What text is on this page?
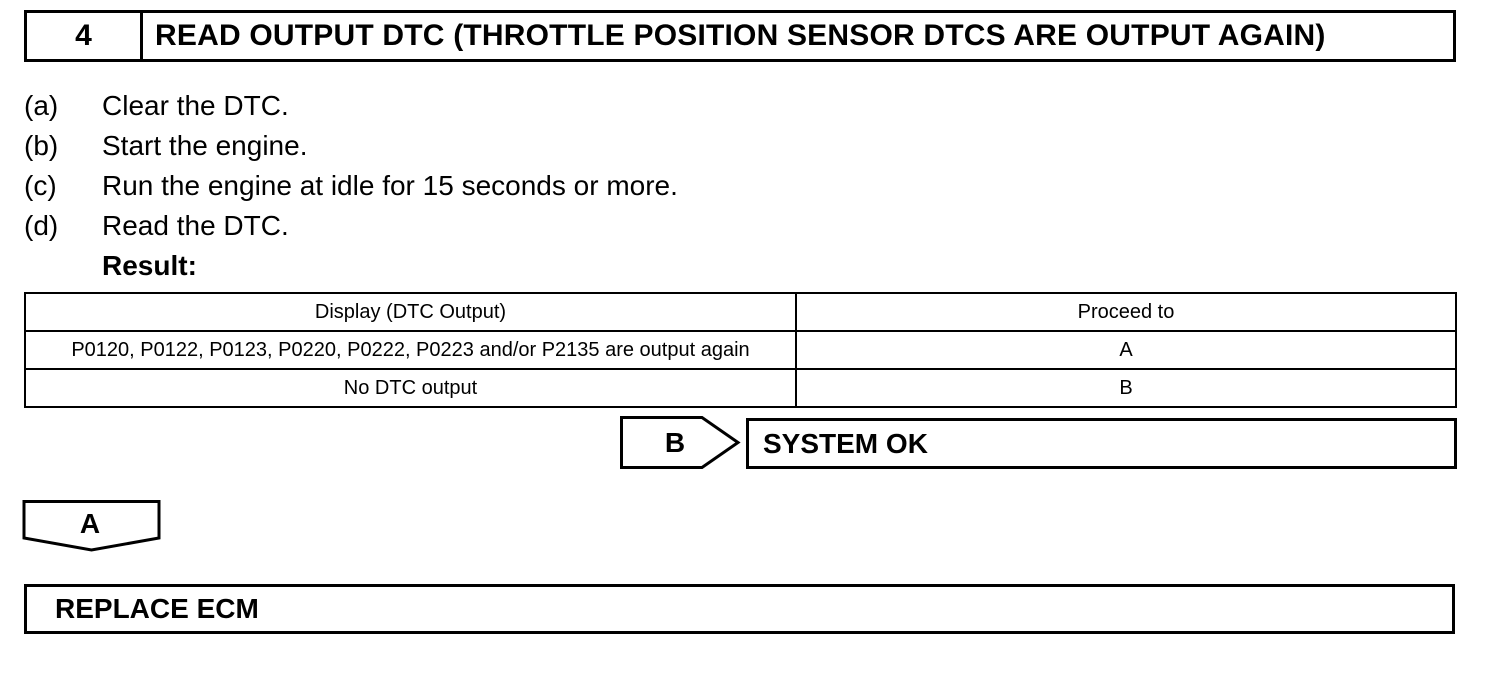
4	READ OUTPUT DTC (THROTTLE POSITION SENSOR DTCS ARE OUTPUT AGAIN)
(a)	Clear the DTC.
(b)	Start the engine.
(c)	Run the engine at idle for 15 seconds or more.
(d)	Read the DTC.
Result:
Display (DTC Output)	Proceed to
P0120, P0122, P0123, P0220, P0222, P0223 and/or P2135 are output again	A
No DTC output	B
B	SYSTEM OK
A
REPLACE ECM
